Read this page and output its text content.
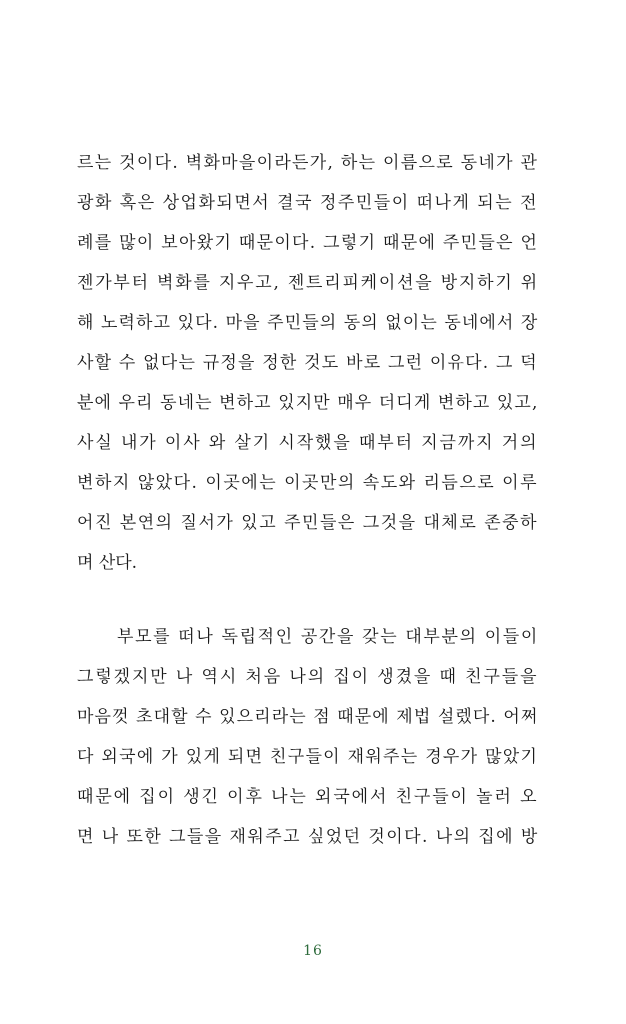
르는 것이다. 벽화마을이라든가, 하는 이름으로 동네가 관
광화 혹은 상업화되면서 결국 정주민들이 떠나게 되는 전
례를 많이 보아왔기 때문이다. 그렇기 때문에 주민들은 언
젠가부터 벽화를 지우고, 젠트리피케이션을 방지하기 위
해 노력하고 있다. 마을 주민들의 동의 없이는 동네에서 장
사할 수 없다는 규정을 정한 것도 바로 그런 이유다. 그 덕
분에 우리 동네는 변하고 있지만 매우 더디게 변하고 있고,
사실 내가 이사 와 살기 시작했을 때부터 지금까지 거의
변하지 않았다. 이곳에는 이곳만의 속도와 리듬으로 이루
어진 본연의 질서가 있고 주민들은 그것을 대체로 존중하
며 산다.
부모를 떠나 독립적인 공간을 갖는 대부분의 이들이
그렇겠지만 나 역시 처음 나의 집이 생겼을 때 친구들을
마음껏 초대할 수 있으리라는 점 때문에 제법 설렜다. 어쩌
다 외국에 가 있게 되면 친구들이 재워주는 경우가 많았기
때문에 집이 생긴 이후 나는 외국에서 친구들이 놀러 오
면 나 또한 그들을 재워주고 싶었던 것이다. 나의 집에 방
16
